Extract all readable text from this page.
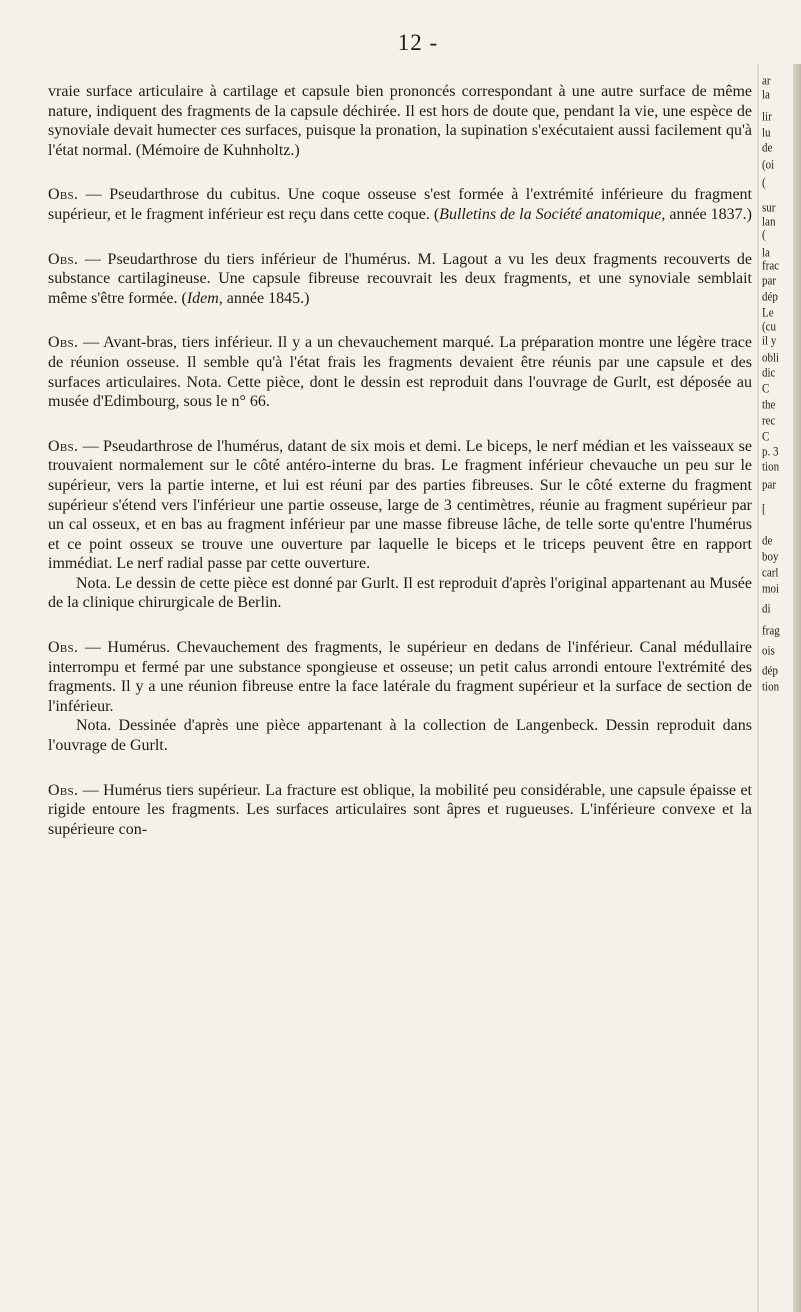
12 -

vraie surface articulaire à cartilage et capsule bien prononcés correspondant à une autre surface de même nature, indiquent des fragments de la capsule déchirée. Il est hors de doute que, pendant la vie, une espèce de synoviale devait humecter ces surfaces, puisque la pronation, la supination s'exécutaient aussi facilement qu'à l'état normal. (Mémoire de Kuhnholtz.)

Obs. — Pseudarthrose du cubitus. Une coque osseuse s'est formée à l'extrémité inférieure du fragment supérieur, et le fragment inférieur est reçu dans cette coque. (Bulletins de la Société anatomique, année 1837.)

Obs. — Pseudarthrose du tiers inférieur de l'humérus. M. Lagout a vu les deux fragments recouverts de substance cartilagineuse. Une capsule fibreuse recouvrait les deux fragments, et une synoviale semblait même s'être formée. (Idem, année 1845.)

Obs. — Avant-bras, tiers inférieur. Il y a un chevauchement marqué. La préparation montre une légère trace de réunion osseuse. Il semble qu'à l'état frais les fragments devaient être réunis par une capsule et des surfaces articulaires. Nota. Cette pièce, dont le dessin est reproduit dans l'ouvrage de Gurlt, est déposée au musée d'Edimbourg, sous le n° 66.

Obs. — Pseudarthrose de l'humérus, datant de six mois et demi. Le biceps, le nerf médian et les vaisseaux se trouvaient normalement sur le côté antéro-interne du bras. Le fragment inférieur chevauche un peu sur le supérieur, vers la partie interne, et lui est réuni par des parties fibreuses. Sur le côté externe du fragment supérieur s'étend vers l'inférieur une partie osseuse, large de 3 centimètres, réunie au fragment supérieur par un cal osseux, et en bas au fragment inférieur par une masse fibreuse lâche, de telle sorte qu'entre l'humérus et ce point osseux se trouve une ouverture par laquelle le biceps et le triceps peuvent être en rapport immédiat. Le nerf radial passe par cette ouverture.

Nota. Le dessin de cette pièce est donné par Gurlt. Il est reproduit d'après l'original appartenant au Musée de la clinique chirurgicale de Berlin.

Obs. — Humérus. Chevauchement des fragments, le supérieur en dedans de l'inférieur. Canal médullaire interrompu et fermé par une substance spongieuse et osseuse; un petit calus arrondi entoure l'extrémité des fragments. Il y a une réunion fibreuse entre la face latérale du fragment supérieur et la surface de section de l'inférieur.

Nota. Dessinée d'après une pièce appartenant à la collection de Langenbeck. Dessin reproduit dans l'ouvrage de Gurlt.

Obs. — Humérus tiers supérieur. La fracture est oblique, la mobilité peu considérable, une capsule épaisse et rigide entoure les fragments. Les surfaces articulaires sont âpres et rugueuses. L'inférieure convexe et la supérieure con-

ar
la
lir
lu
de
(oi
(
sur
lan
(
la
frac
par
dép
Le
(cu
il y
obli
dic
C
the
rec
C
p. 3
tion
par
[
de
boy
carl
moi
di
frag
ois
dép
tion
